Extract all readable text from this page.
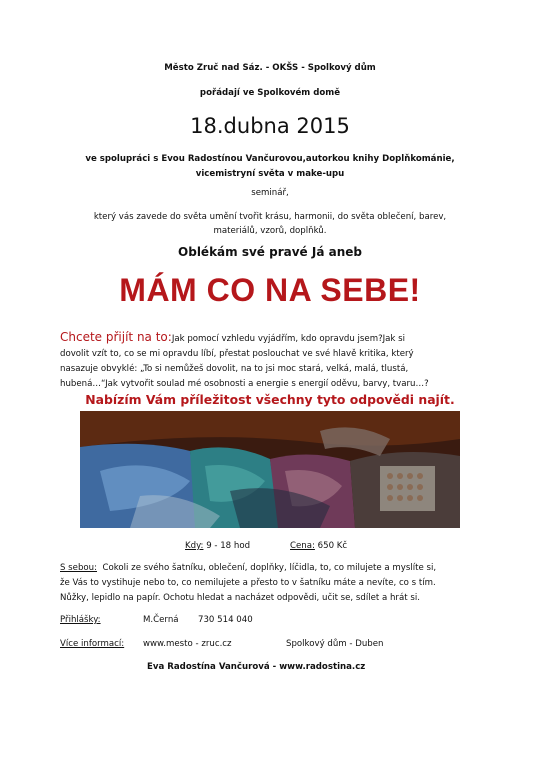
Město Zruč nad Sáz. - OKŠS - Spolkový dům
pořádají ve Spolkovém domě
18.dubna 2015
ve spolupráci s Evou Radostínou Vančurovou,autorkou knihy Doplňkománie,
vicemistryní světa v make-upu
seminář,
který vás zavede do světa umění tvořit krásu, harmonii, do světa oblečení, barev,
materiálů, vzorů, doplňků.
Oblékám své pravé Já aneb
MÁM CO NA SEBE!
Chcete přijít na to:Jak pomocí vzhledu vyjádřím, kdo opravdu jsem?Jak si
dovolit vzít to, co se mi opravdu líbí, přestat poslouchat ve své hlavě kritika, který
nasazuje obvyklé: „To si nemůžeš dovolit, na to jsi moc stará, velká, malá, tlustá,
hubená…“Jak vytvořit soulad mé osobnosti a energie s energií oděvu, barvy, tvaru…?
Nabízím Vám příležitost všechny tyto odpovědi najít.
Kdy: 9 - 18 hod	Cena: 650 Kč
S sebou: Cokoli ze svého šatníku, oblečení, doplňky, líčidla, to, co milujete a myslíte si,
že Vás to vystihuje nebo to, co nemilujete a přesto to v šatníku máte a nevíte, co s tím.
Nůžky, lepidlo na papír. Ochotu hledat a nacházet odpovědi, učit se, sdílet a hrát si.
Přihlášky:	M.Černá 730 514 040
Více informací: www.mesto - zruc.cz	Spolkový dům - Duben
Eva Radostína Vančurová - www.radostina.cz
